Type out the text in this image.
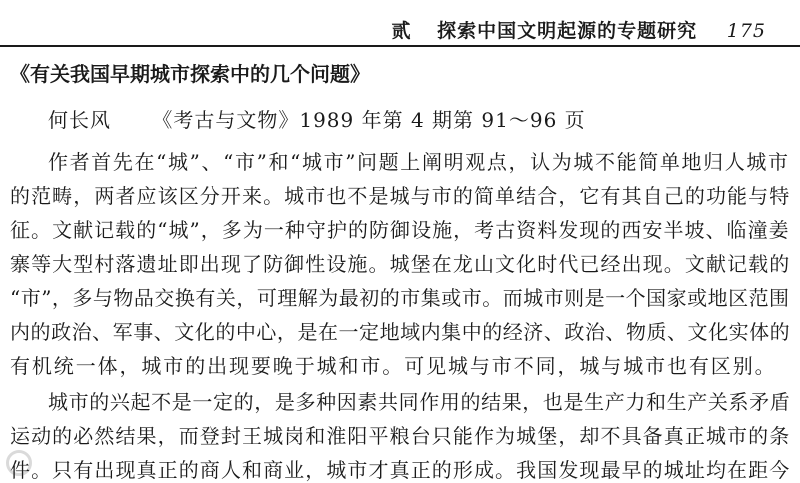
贰 探索中国文明起源的专题研究 175
《有关我国早期城市探索中的几个问题》
何长风 《考古与文物》1989 年第 4 期第 91～96 页
作者首先在“城”、“市”和“城市”问题上阐明观点，认为城不能简单地归人城市
的范畴，两者应该区分开来。城市也不是城与市的简单结合，它有其自己的功能与特
征。文献记载的“城”，多为一种守护的防御设施，考古资料发现的西安半坡、临潼姜
寨等大型村落遗址即出现了防御性设施。城堡在龙山文化时代已经出现。文献记载的
“市”，多与物品交换有关，可理解为最初的市集或市。而城市则是一个国家或地区范围
内的政治、军事、文化的中心，是在一定地域内集中的经济、政治、物质、文化实体的
有机统一体，城市的出现要晚于城和市。可见城与市不同，城与城市也有区别。
城市的兴起不是一定的，是多种因素共同作用的结果，也是生产力和生产关系矛盾
运动的必然结果，而登封王城岗和淮阳平粮台只能作为城堡，却不具备真正城市的条
件。只有出现真正的商人和商业，城市才真正的形成。我国发现最早的城址均在距今
